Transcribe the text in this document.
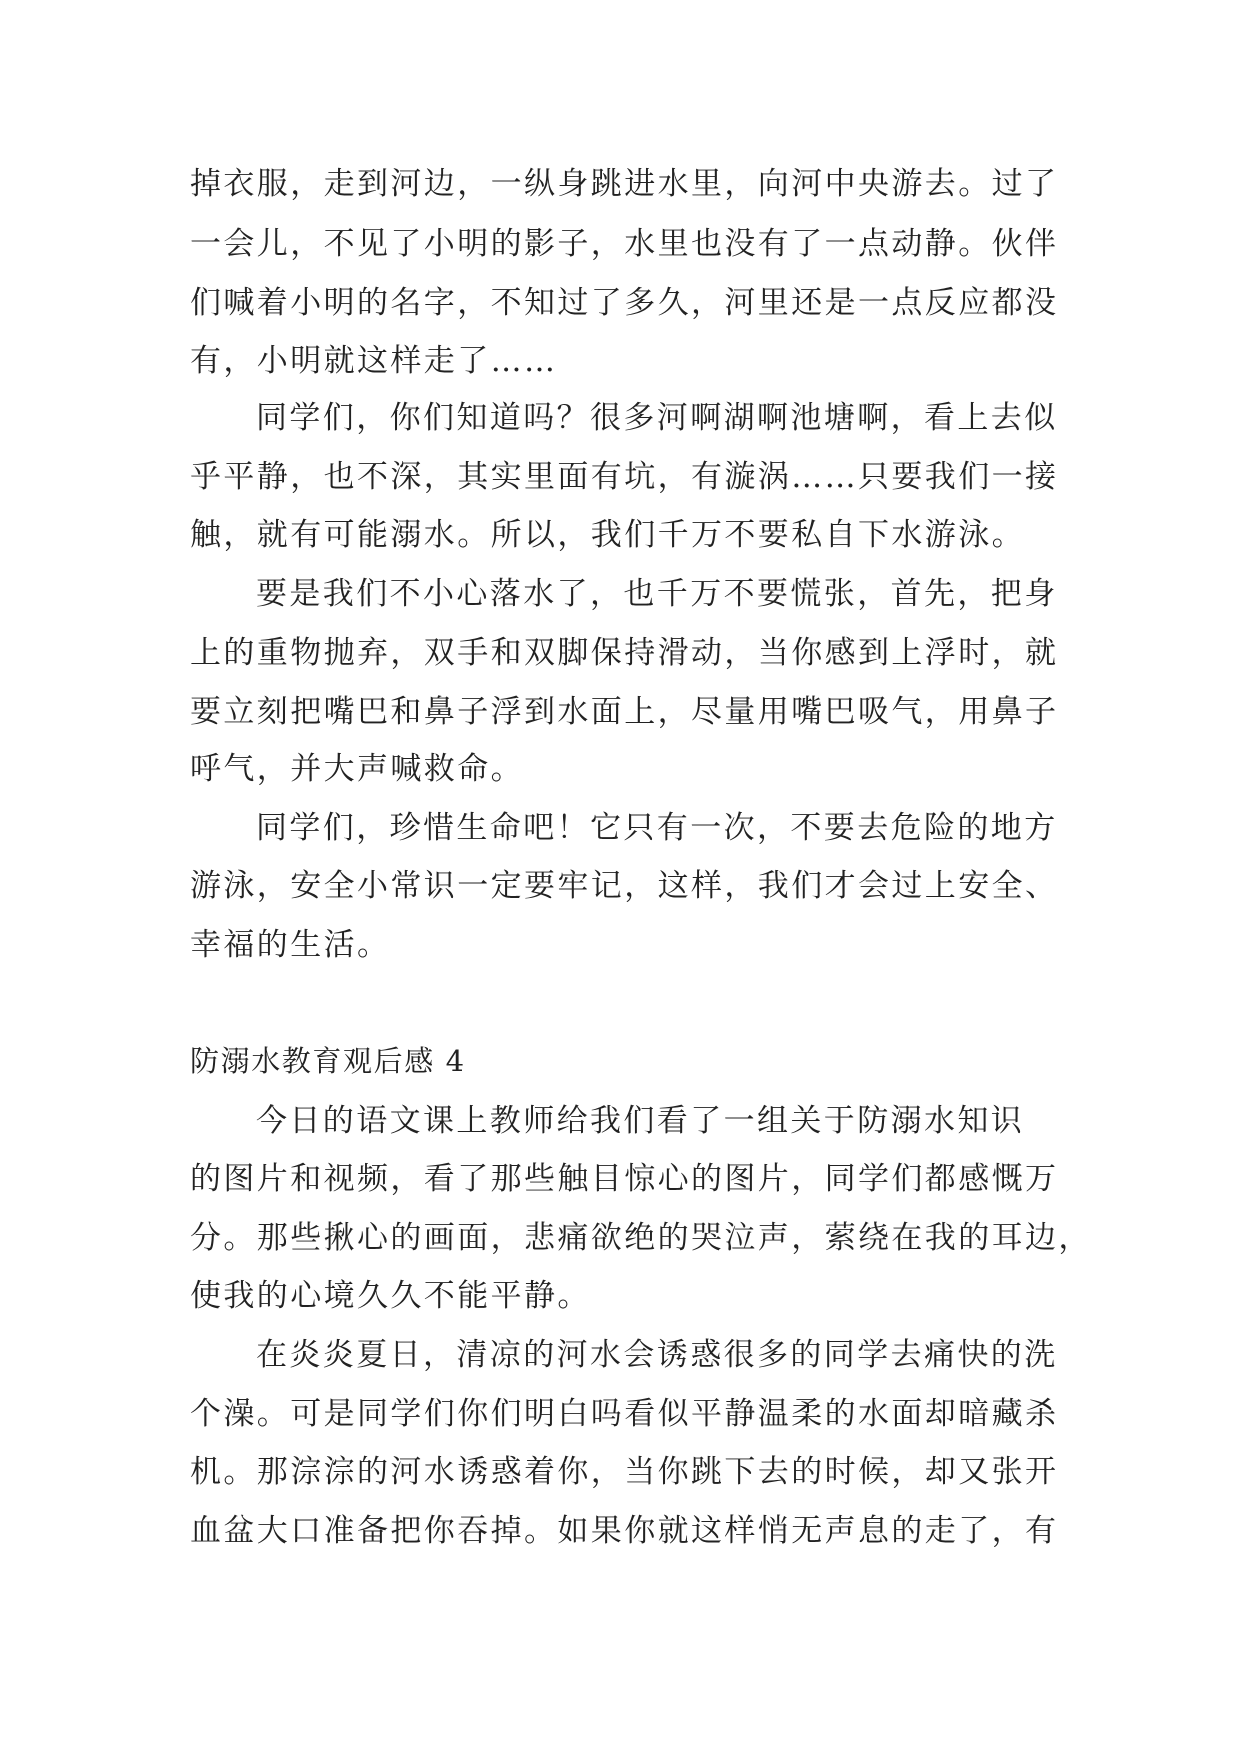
掉衣服，走到河边，一纵身跳进水里，向河中央游去。过了
一会儿，不见了小明的影子，水里也没有了一点动静。伙伴
们喊着小明的名字，不知过了多久，河里还是一点反应都没
有，小明就这样走了……
同学们，你们知道吗？很多河啊湖啊池塘啊，看上去似
乎平静，也不深，其实里面有坑，有漩涡……只要我们一接
触，就有可能溺水。所以，我们千万不要私自下水游泳。
要是我们不小心落水了，也千万不要慌张，首先，把身
上的重物抛弃，双手和双脚保持滑动，当你感到上浮时，就
要立刻把嘴巴和鼻子浮到水面上，尽量用嘴巴吸气，用鼻子
呼气，并大声喊救命。
同学们，珍惜生命吧！它只有一次，不要去危险的地方
游泳，安全小常识一定要牢记，这样，我们才会过上安全、
幸福的生活。
防溺水教育观后感 4
今日的语文课上教师给我们看了一组关于防溺水知识
的图片和视频，看了那些触目惊心的图片，同学们都感慨万
分。那些揪心的画面，悲痛欲绝的哭泣声，萦绕在我的耳边，
使我的心境久久不能平静。
在炎炎夏日，清凉的河水会诱惑很多的同学去痛快的洗
个澡。可是同学们你们明白吗看似平静温柔的水面却暗藏杀
机。那淙淙的河水诱惑着你，当你跳下去的时候，却又张开
血盆大口准备把你吞掉。如果你就这样悄无声息的走了，有
